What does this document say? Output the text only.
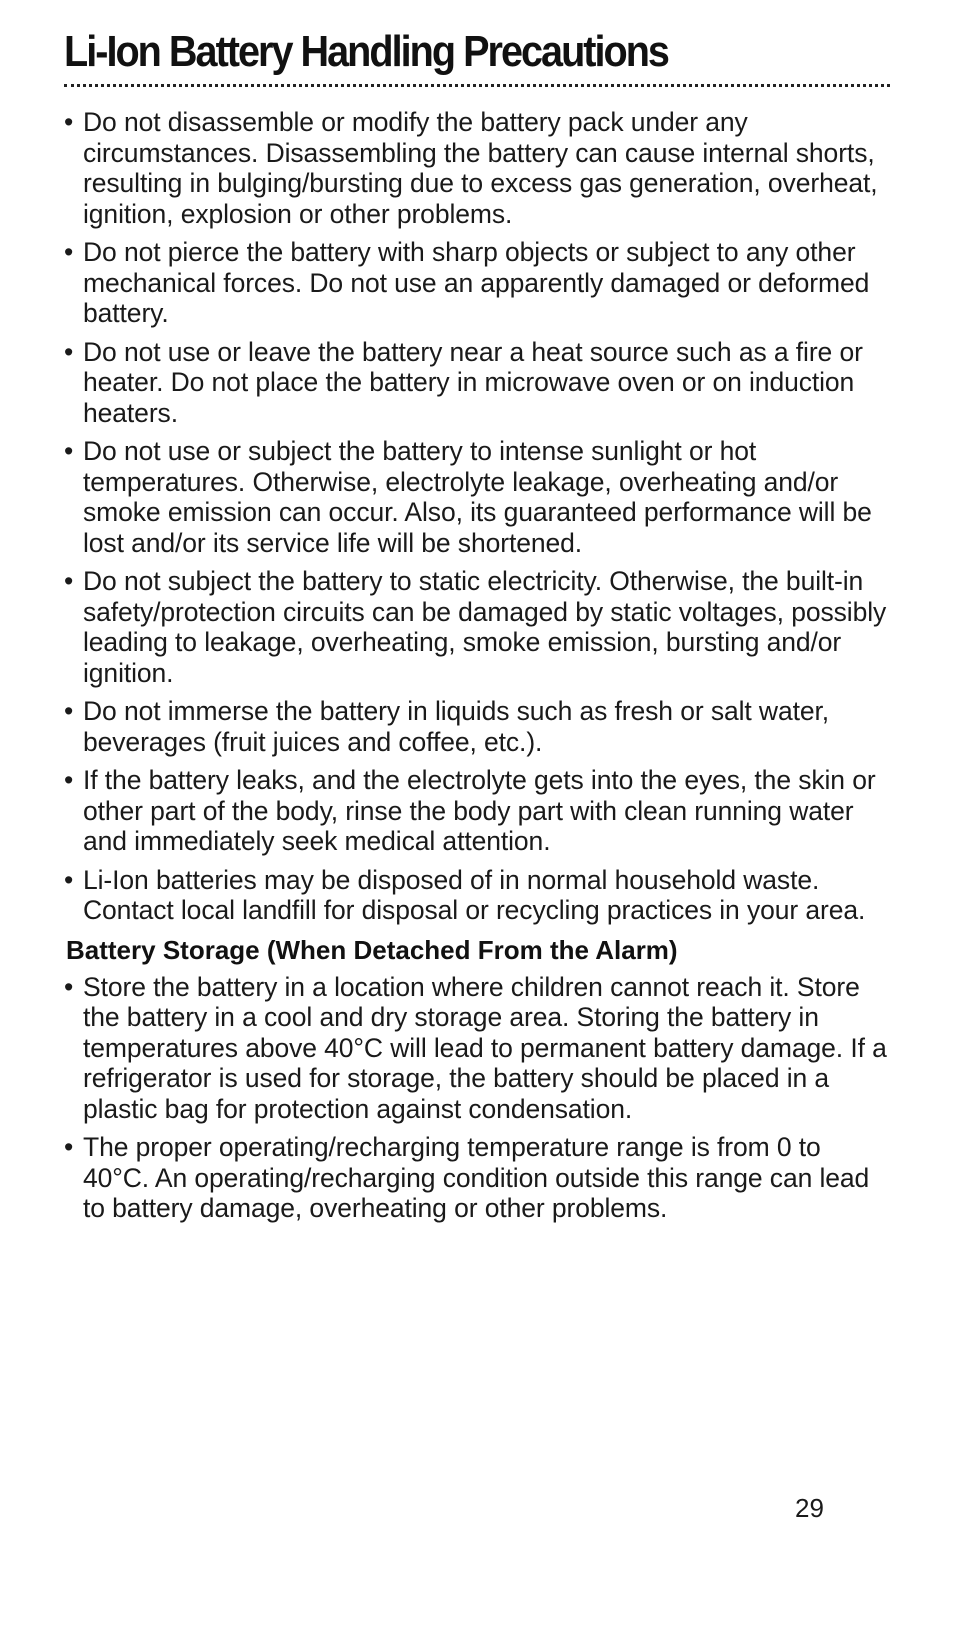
Li-Ion Battery Handling Precautions
• Do not disassemble or modify the battery pack under any circumstances. Disassembling the battery can cause internal shorts, resulting in bulging/bursting due to excess gas generation, overheat, ignition, explosion or other problems.
• Do not pierce the battery with sharp objects or subject to any other mechanical forces. Do not use an apparently damaged or deformed battery.
• Do not use or leave the battery near a heat source such as a fire or heater. Do not place the battery in microwave oven or on induction heaters.
• Do not use or subject the battery to intense sunlight or hot temperatures. Otherwise, electrolyte leakage, overheating and/or smoke emission can occur. Also, its guaranteed performance will be lost and/or its service life will be shortened.
• Do not subject the battery to static electricity. Otherwise, the built-in safety/protection circuits can be damaged by static voltages, possibly leading to leakage, overheating, smoke emission, bursting and/or ignition.
• Do not immerse the battery in liquids such as fresh or salt water, beverages (fruit juices and coffee, etc.).
• If the battery leaks, and the electrolyte gets into the eyes, the skin or other part of the body, rinse the body part with clean running water and immediately seek medical attention.
• Li-Ion batteries may be disposed of in normal household waste. Contact local landfill for disposal or recycling practices in your area.
Battery Storage (When Detached From the Alarm)
• Store the battery in a location where children cannot reach it. Store the battery in a cool and dry storage area. Storing the battery in temperatures above 40°C will lead to permanent battery damage. If a refrigerator is used for storage, the battery should be placed in a plastic bag for protection against condensation.
• The proper operating/recharging temperature range is from 0 to 40°C. An operating/recharging condition outside this range can lead to battery damage, overheating or other problems.
29
